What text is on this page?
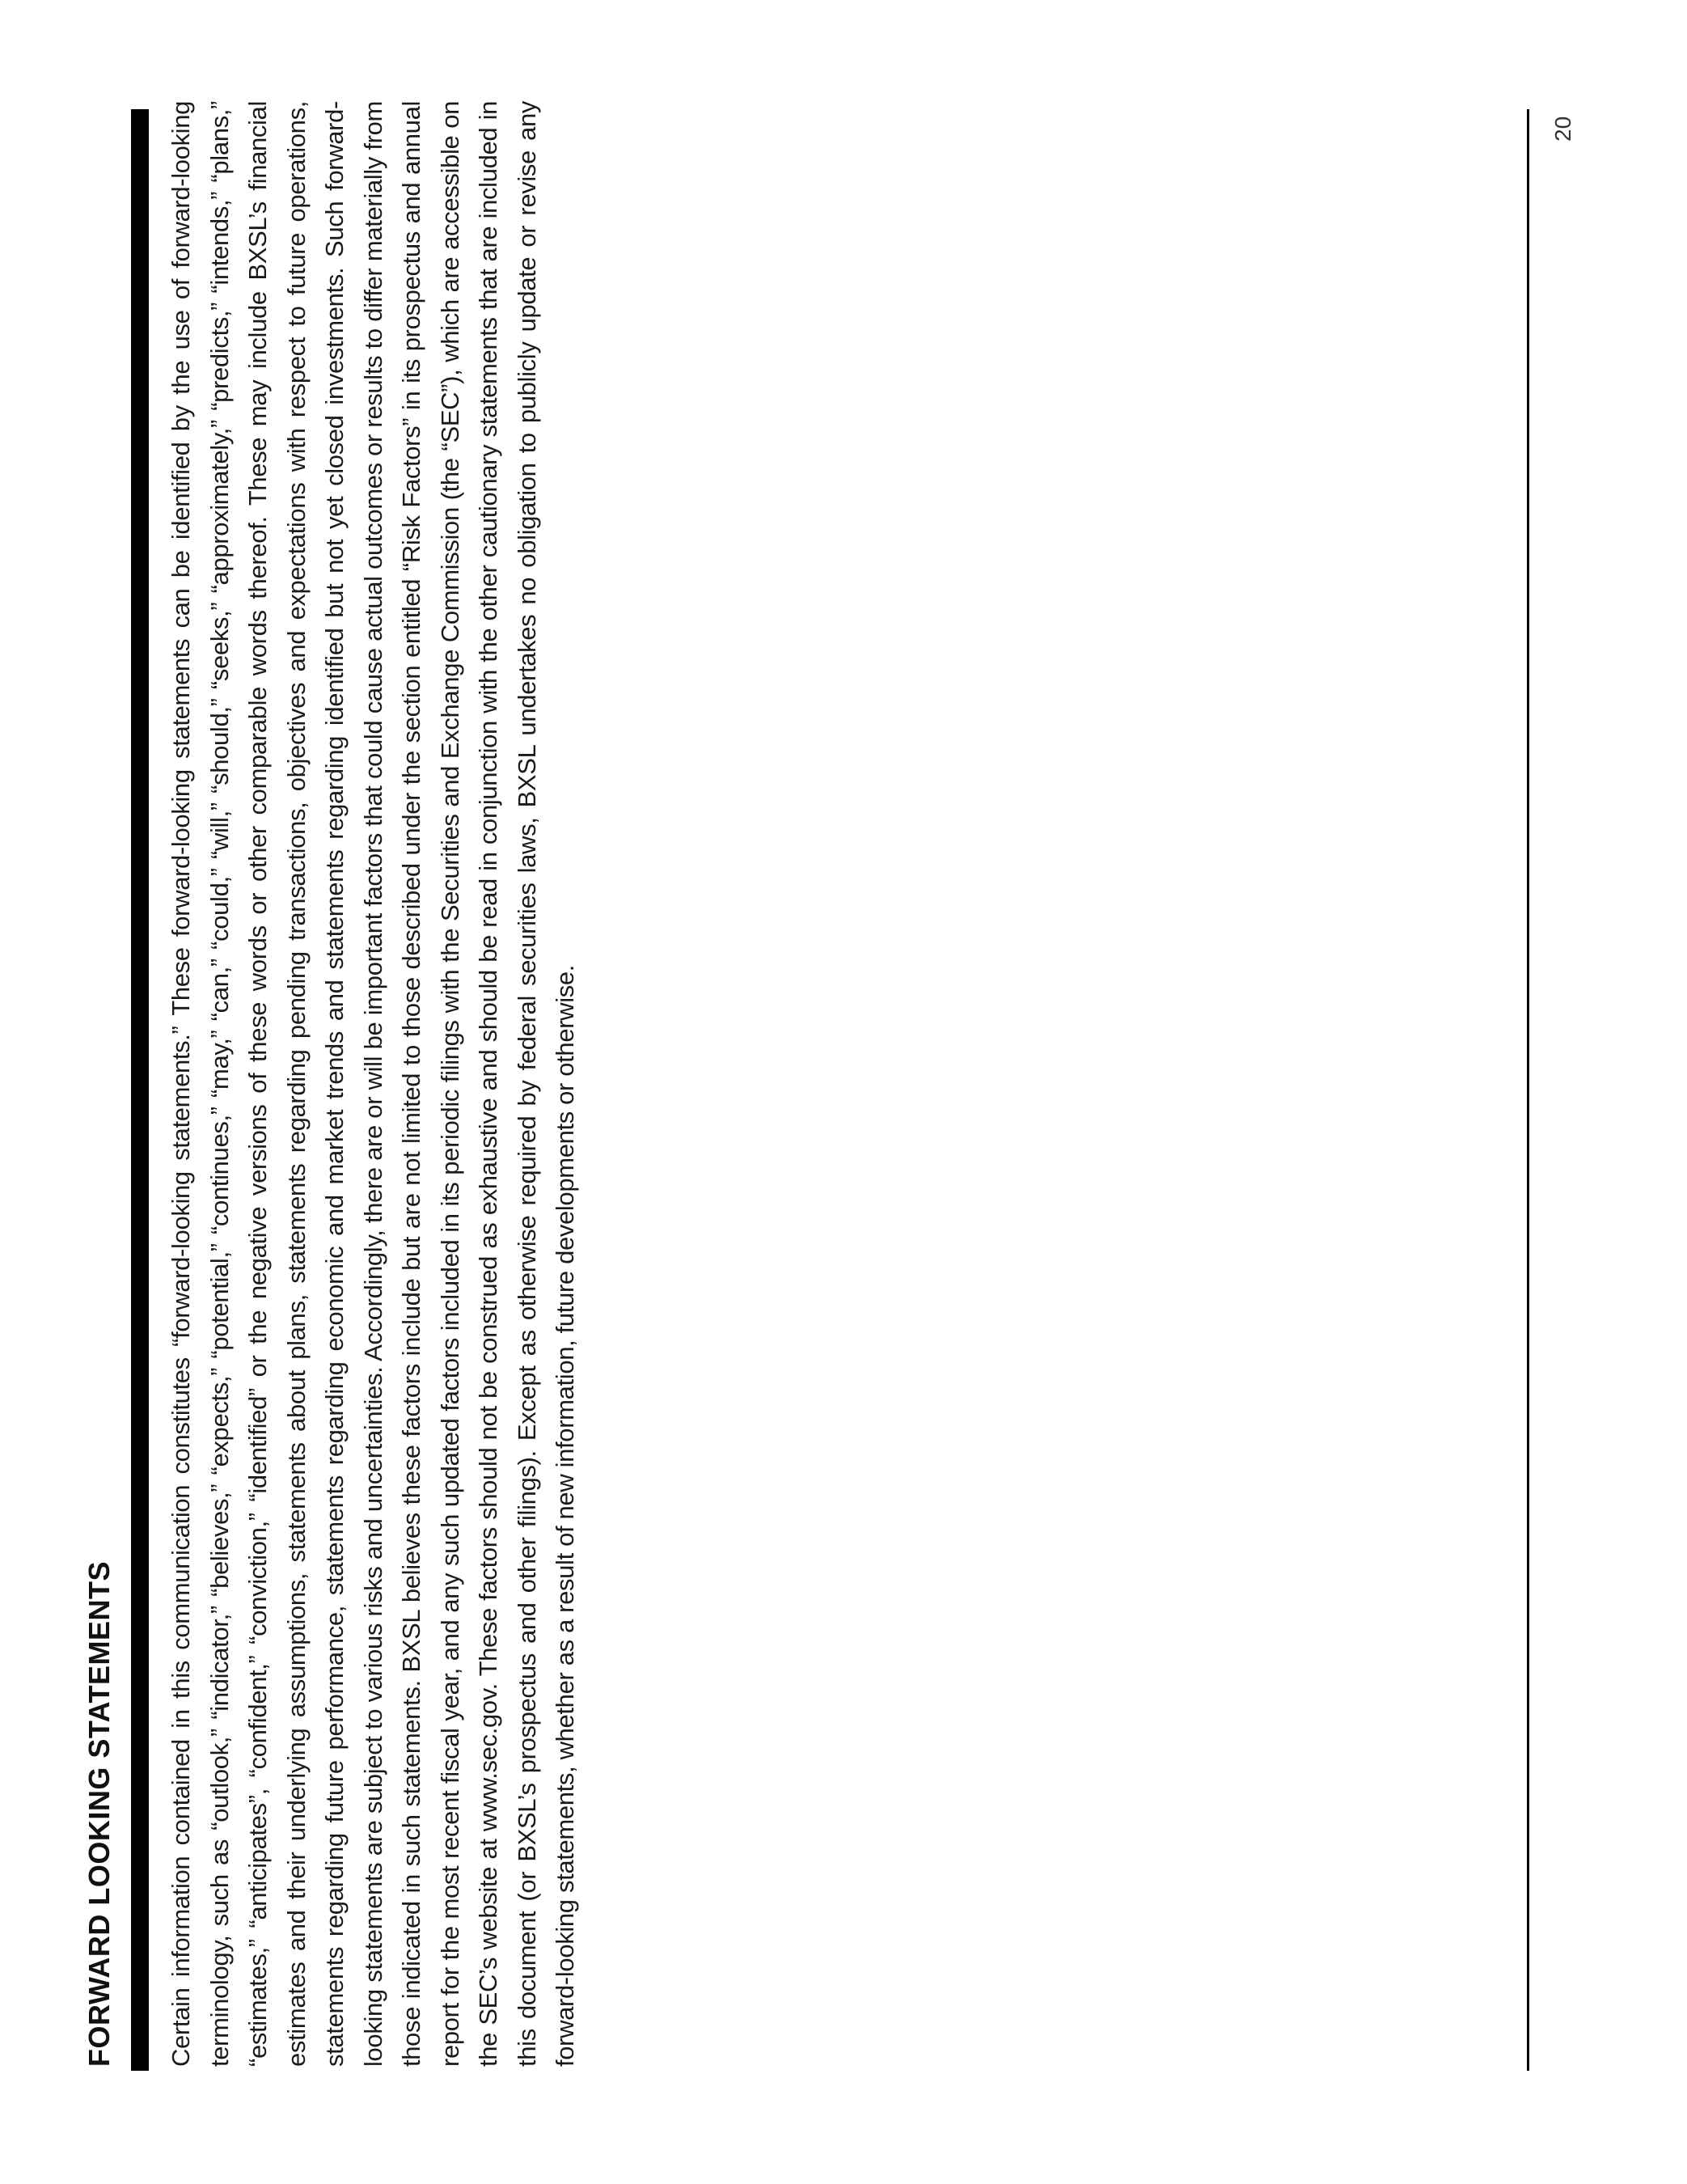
FORWARD LOOKING STATEMENTS Certain information contained in this communication constitutes “forward-looking statements.” These forward-looking statements can be identified by the use of forward-looking terminology, such as “outlook,” “indicator,” “believes,” “expects,” “potential,” “continues,” “may,” “can,” “could,” “will,” “should,” “seeks,” “approximately,” “predicts,” “intends,” “plans,” “estimates,” “anticipates”, “confident,” “conviction,” “identified” or the negative versions of these words or other comparable words thereof. These may include BXSL’s financial estimates and their underlying assumptions, statements about plans, statements regarding pending transactions, objectives and expectations with respect to future operations, statements regarding future performance, statements regarding economic and market trends and statements regarding identified but not yet closed investments. Such forward-looking statements are subject to various risks and uncertainties. Accordingly, there are or will be important factors that could cause actual outcomes or results to differ materially from those indicated in such statements. BXSL believes these factors include but are not limited to those described under the section entitled “Risk Factors” in its prospectus and annual report for the most recent fiscal year, and any such updated factors included in its periodic filings with the Securities and Exchange Commission (the “SEC”), which are accessible on the SEC’s website at www.sec.gov. These factors should not be construed as exhaustive and should be read in conjunction with the other cautionary statements that are included in this document (or BXSL’s prospectus and other filings). Except as otherwise required by federal securities laws, BXSL undertakes no obligation to publicly update or revise any forward-looking statements, whether as a result of new information, future developments or otherwise.

20
